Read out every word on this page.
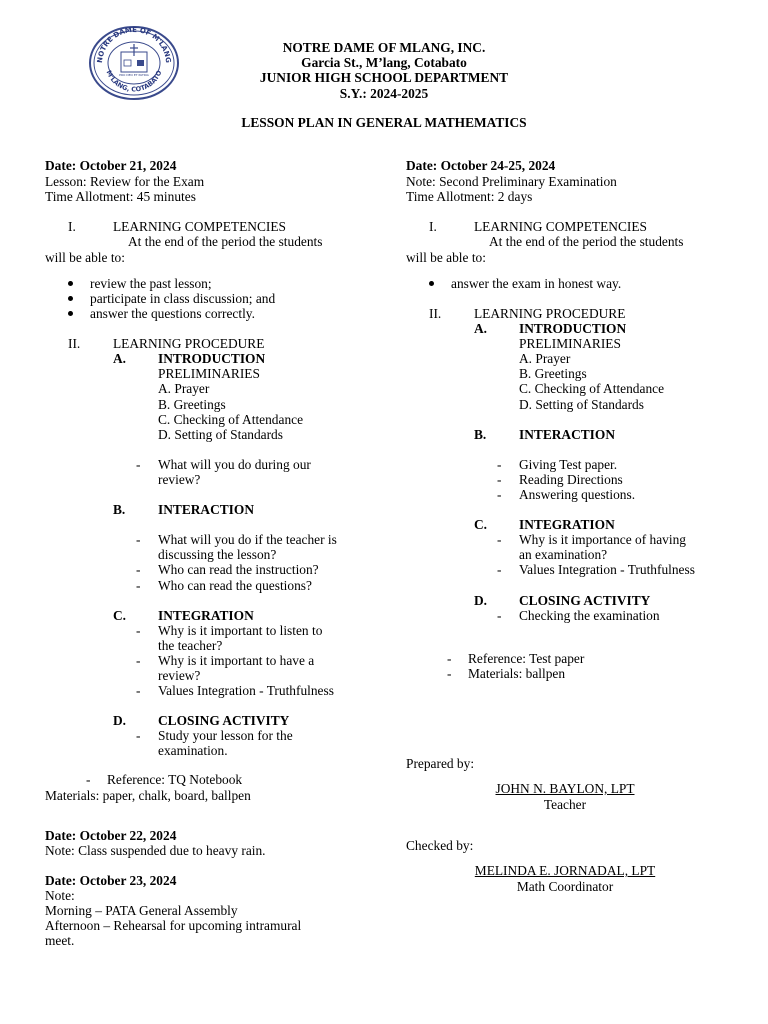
NOTRE DAME OF M'LANG
M'LANG, COTABATO
PRO DEO ET PATRIA
NOTRE DAME OF MLANG, INC.
Garcia St., M’lang, Cotabato
JUNIOR HIGH SCHOOL DEPARTMENT
S.Y.: 2024-2025
LESSON PLAN IN GENERAL MATHEMATICS
Date: October 21, 2024
Lesson: Review for the Exam
Time Allotment: 45 minutes
I.	LEARNING COMPETENCIES
At the end of the period the students
will be able to:
review the past lesson;
participate in class discussion; and
answer the questions correctly.
II. LEARNING PROCEDURE
A. INTRODUCTION
PRELIMINARIES
A. Prayer
B. Greetings
C. Checking of Attendance
D. Setting of Standards
- What will you do during our
review?
B. INTERACTION
- What will you do if the teacher is
discussing the lesson?
- Who can read the instruction?
- Who can read the questions?
C. INTEGRATION
- Why is it important to listen to
the teacher?
- Why is it important to have a
review?
- Values Integration - Truthfulness
D. CLOSING ACTIVITY
- Study your lesson for the
examination.
- Reference: TQ Notebook
Materials: paper, chalk, board, ballpen
Date: October 22, 2024
Note: Class suspended due to heavy rain.
Date: October 23, 2024
Note:
Morning – PATA General Assembly
Afternoon – Rehearsal for upcoming intramural
meet.
Date: October 24-25, 2024
Note: Second Preliminary Examination
Time Allotment: 2 days
I.	LEARNING COMPETENCIES
At the end of the period the students
will be able to:
answer the exam in honest way.
II. LEARNING PROCEDURE
A. INTRODUCTION
PRELIMINARIES
A. Prayer
B. Greetings
C. Checking of Attendance
D. Setting of Standards
B. INTERACTION
- Giving Test paper.
- Reading Directions
- Answering questions.
C. INTEGRATION
- Why is it importance of having
an examination?
- Values Integration - Truthfulness
D. CLOSING ACTIVITY
- Checking the examination
- Reference: Test paper
- Materials: ballpen
Prepared by:
JOHN N. BAYLON, LPT
Teacher
Checked by:
MELINDA E. JORNADAL, LPT
Math Coordinator
